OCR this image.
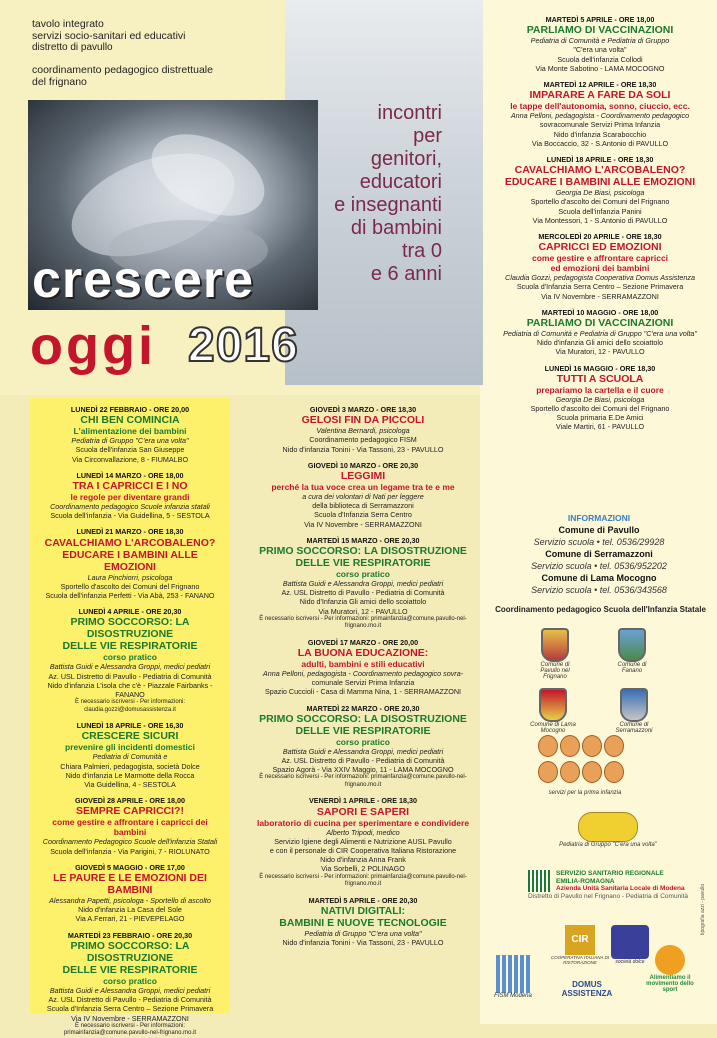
tavolo integrato
servizi socio-sanitari ed educativi
distretto di pavullo
coordinamento pedagogico distrettuale
del frignano
incontri
per
genitori,
educatori
e insegnanti
di bambini
tra 0
e 6 anni
crescere
oggi 2016
LUNEDÌ 22 FEBBRAIO - ORE 20,00
CHI BEN COMINCIA
L'alimentazione dei bambini
Pediatria di Gruppo "C'era una volta"
Scuola dell'infanzia San Giuseppe
Via Circonvallazione, 8 - FIUMALBO
LUNEDÌ 14 MARZO - ORE 18,00
TRA I CAPRICCI E I NO
le regole per diventare grandi
Coordinamento pedagogico Scuole infanzia statali
Scuola dell'infanzia - Via Guidellina, 5 - SESTOLA
LUNEDÌ 21 MARZO - ORE 18,30
CAVALCHIAMO L'ARCOBALENO?
EDUCARE I BAMBINI ALLE EMOZIONI
Laura Pinchiorri, psicologa
Sportello d'ascolto dei Comuni del Frignano
Scuola dell'infanzia Perfetti - Via Abà, 253 - FANANO
LUNEDÌ 4 APRILE - ORE 20,30
PRIMO SOCCORSO: LA DISOSTRUZIONE
DELLE VIE RESPIRATORIE
corso pratico
Battista Guidi e Alessandra Groppi, medici pediatri
Az. USL Distretto di Pavullo - Pediatria di Comunità
Nido d'infanzia L'isola che c'è - Piazzale Fairbanks - FANANO
È necessario iscriversi - Per informazioni: claudia.gozzi@domusassistenza.it
LUNEDÌ 18 APRILE - ORE 16,30
CRESCERE SICURI
prevenire gli incidenti domestici
Pediatria di Comunità e
Chiara Palmieri, pedagogista, società Dolce
Nido d'infanzia Le Marmotte della Rocca
Via Guidellina, 4 - SESTOLA
GIOVEDÌ 28 APRILE - ORE 18,00
SEMPRE CAPRICCI?!
come gestire e affrontare i capricci dei bambini
Coordinamento Pedagogico Scuole dell'infanzia Statali
Scuola dell'infanzia - Via Parigini, 7 - RIOLUNATO
GIOVEDÌ 5 MAGGIO - ORE 17,00
LE PAURE E LE EMOZIONI DEI BAMBINI
Alessandra Papetti, psicologa - Sportello di ascolto
Nido d'infanzia La Casa del Sole
Via A.Ferrari, 21 - PIEVEPELAGO
MARTEDÌ 23 FEBBRAIO - ORE 20,30
PRIMO SOCCORSO: LA DISOSTRUZIONE
DELLE VIE RESPIRATORIE
corso pratico
Battista Guidi e Alessandra Groppi, medici pediatri
Az. USL Distretto di Pavullo - Pediatria di Comunità
Scuola d'Infanzia Serra Centro – Sezione Primavera
Via IV Novembre - SERRAMAZZONI
È necessario iscriversi - Per informazioni: primainfanzia@comune.pavullo-nel-frignano.mo.it
GIOVEDÌ 3 MARZO - ORE 18,30
GELOSI FIN DA PICCOLI
Valentina Bernardi, psicologa
Coordinamento pedagogico FISM
Nido d'infanzia Tonini - Via Tassoni, 23 - PAVULLO
GIOVEDÌ 10 MARZO - ORE 20,30
LEGGIMI
perché la tua voce crea un legame tra te e me
a cura dei volontari di Nati per leggere
della biblioteca di Serramazzoni
Scuola d'Infanzia Serra Centro
Via IV Novembre - SERRAMAZZONI
MARTEDÌ 15 MARZO - ORE 20,30
PRIMO SOCCORSO: LA DISOSTRUZIONE
DELLE VIE RESPIRATORIE
corso pratico
Battista Guidi e Alessandra Groppi, medici pediatri
Az. USL Distretto di Pavullo - Pediatria di Comunità
Nido d'Infanzia Gli amici dello scoiattolo
Via Muratori, 12 - PAVULLO
È necessario iscriversi - Per informazioni: primainfanzia@comune.pavullo-nel-frignano.mo.it
GIOVEDÌ 17 MARZO - ORE 20,00
LA BUONA EDUCAZIONE:
adulti, bambini e stili educativi
Anna Pelloni, pedagogista - Coordinamento pedagogico sovra-
comunale Servizi Prima Infanzia
Spazio Cuccioli - Casa di Mamma Nina, 1 - SERRAMAZZONI
MARTEDÌ 22 MARZO - ORE 20,30
PRIMO SOCCORSO: LA DISOSTRUZIONE
DELLE VIE RESPIRATORIE
corso pratico
Battista Guidi e Alessandra Groppi, medici pediatri
Az. USL Distretto di Pavullo - Pediatria di Comunità
Spazio Agorà - Via XXIV Maggio, 11 - LAMA MOCOGNO
È necessario iscriversi - Per informazioni: primainfanzia@comune.pavullo-nel-frignano.mo.it
VENERDÌ 1 APRILE - ORE 18,30
SAPORI E SAPERI
laboratorio di cucina per sperimentare e condividere
Alberto Tripodi, medico
Servizio Igiene degli Alimenti e Nutrizione AUSL Pavullo
e con il personale di CIR Cooperativa Italiana Ristorazione
Nido d'infanzia Anna Frank
Via Sorbelli, 2 POLINAGO
È necessario iscriversi - Per informazioni: primainfanzia@comune.pavullo-nel-frignano.mo.it
MARTEDÌ 5 APRILE - ORE 20,30
NATIVI DIGITALI:
BAMBINI E NUOVE TECNOLOGIE
Pediatria di Gruppo "C'era una volta"
Nido d'infanzia Tonini - Via Tassoni, 23 - PAVULLO
MARTEDÌ 5 APRILE - ORE 18,00
PARLIAMO DI VACCINAZIONI
Pediatria di Comunità e Pediatria di Gruppo
"C'era una volta"
Scuola dell'infanzia Collodi
Via Monte Sabotino - LAMA MOCOGNO
MARTEDÌ 12 APRILE - ORE 18,30
IMPARARE A FARE DA SOLI
le tappe dell'autonomia, sonno, ciuccio, ecc.
Anna Pelloni, pedagogista - Coordinamento pedagogico
sovracomunale Servizi Prima Infanzia
Nido d'infanzia Scarabocchio
Via Boccaccio, 32 - S.Antonio di PAVULLO
LUNEDÌ 18 APRILE - ORE 18,30
CAVALCHIAMO L'ARCOBALENO?
EDUCARE I BAMBINI ALLE EMOZIONI
Georgia De Biasi, psicologa
Sportello d'ascolto dei Comuni del Frignano
Scuola dell'infanzia Panini
Via Montessori, 1 - S.Antonio di PAVULLO
MERCOLEDÌ 20 APRILE - ORE 18,30
CAPRICCI ED EMOZIONI
come gestire e affrontare capricci
ed emozioni dei bambini
Claudia Gozzi, pedagogista Cooperativa Domus Assistenza
Scuola d'Infanzia Serra Centro – Sezione Primavera
Via IV Novembre - SERRAMAZZONI
MARTEDÌ 10 MAGGIO - ORE 18,00
PARLIAMO DI VACCINAZIONI
Pediatria di Comunità e Pediatria di Gruppo "C'era una volta"
Nido d'infanzia Gli amici dello scoiattolo
Via Muratori, 12 - PAVULLO
LUNEDÌ 16 MAGGIO - ORE 18,30
TUTTI A SCUOLA
prepariamo la cartella e il cuore
Georgia De Biasi, psicologa
Sportello d'ascolto dei Comuni del Frignano
Scuola primaria E.De Amici
Viale Martiri, 61 - PAVULLO
INFORMAZIONI
Comune di Pavullo
Servizio scuola • tel. 0536/29928
Comune di Serramazzoni
Servizio scuola • tel. 0536/952202
Comune di Lama Mocogno
Servizio scuola • tel. 0536/343568
Coordinamento pedagogico Scuola dell'Infanzia Statale
Comune di Pavullo nel Frignano
Comune di Fanano
Comune di Lama Mocogno
Comune di Serramazzoni
servizi per la prima infanzia
Pediatria di Gruppo "C'era una volta"
SERVIZIO SANITARIO REGIONALE
EMILIA-ROMAGNA
Azienda Unità Sanitaria Locale di Modena
Distretto di Pavullo nel Frignano - Pediatria di Comunità
CIR
COOPERATIVA ITALIANA DI RISTORAZIONE	società dolce
FISM Modena
DOMUS ASSISTENZA
Alimentiamo il movimento dello sport
tipografia azzi - pavullo
